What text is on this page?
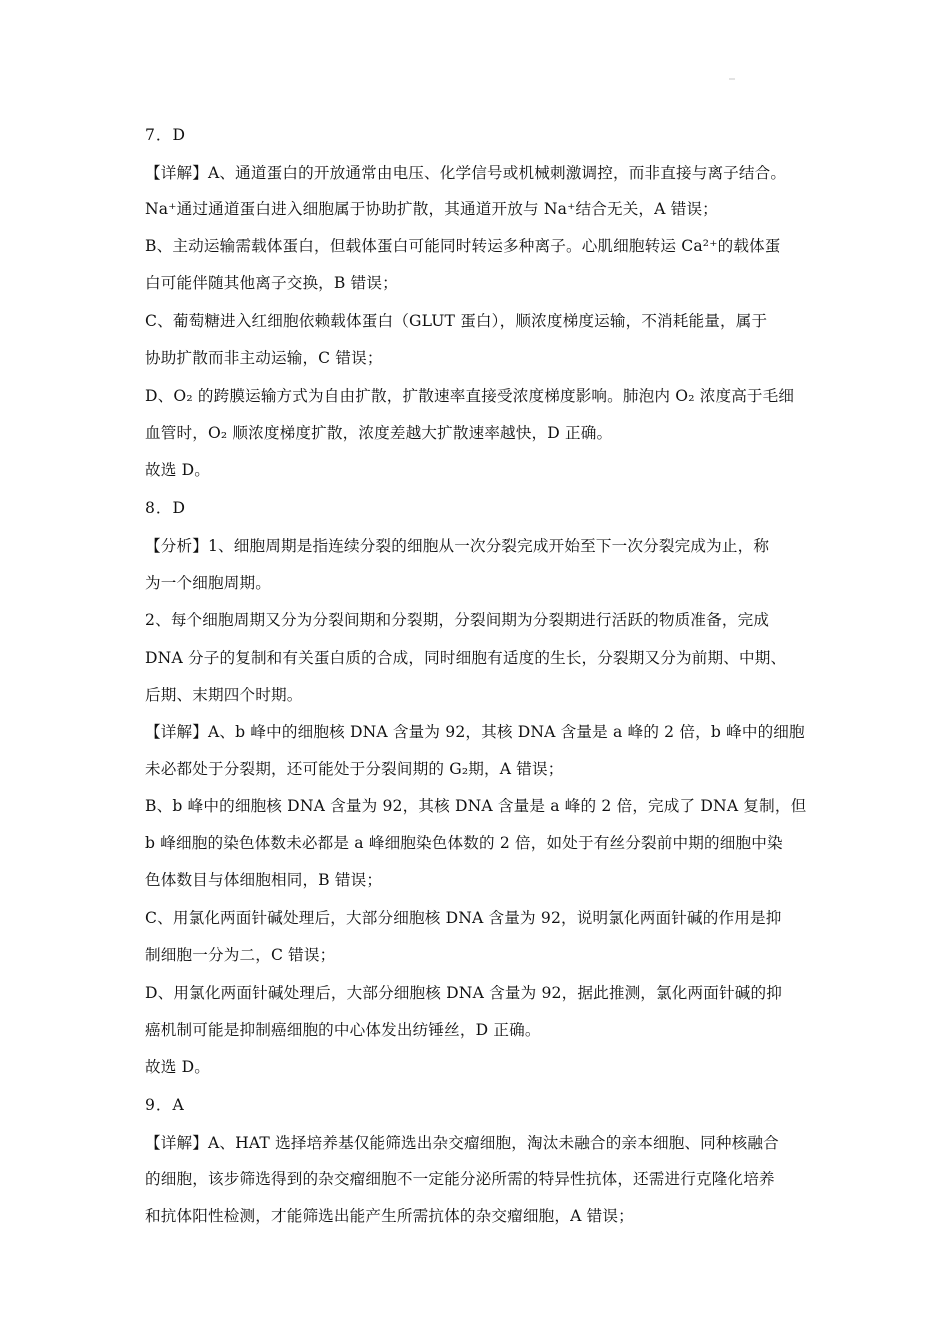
7．D
【详解】A、通道蛋白的开放通常由电压、化学信号或机械刺激调控，而非直接与离子结合。
Na⁺通过通道蛋白进入细胞属于协助扩散，其通道开放与 Na⁺结合无关，A 错误；
B、主动运输需载体蛋白，但载体蛋白可能同时转运多种离子。心肌细胞转运 Ca²⁺的载体蛋
白可能伴随其他离子交换，B 错误；
C、葡萄糖进入红细胞依赖载体蛋白（GLUT 蛋白），顺浓度梯度运输，不消耗能量，属于
协助扩散而非主动运输，C 错误；
D、O₂ 的跨膜运输方式为自由扩散，扩散速率直接受浓度梯度影响。肺泡内 O₂ 浓度高于毛细
血管时，O₂ 顺浓度梯度扩散，浓度差越大扩散速率越快，D 正确。
故选 D。
8．D
【分析】1、细胞周期是指连续分裂的细胞从一次分裂完成开始至下一次分裂完成为止，称
为一个细胞周期。
2、每个细胞周期又分为分裂间期和分裂期，分裂间期为分裂期进行活跃的物质准备，完成
DNA 分子的复制和有关蛋白质的合成，同时细胞有适度的生长，分裂期又分为前期、中期、
后期、末期四个时期。
【详解】A、b 峰中的细胞核 DNA 含量为 92，其核 DNA 含量是 a 峰的 2 倍，b 峰中的细胞
未必都处于分裂期，还可能处于分裂间期的 G₂期，A 错误；
B、b 峰中的细胞核 DNA 含量为 92，其核 DNA 含量是 a 峰的 2 倍，完成了 DNA 复制，但
b 峰细胞的染色体数未必都是 a 峰细胞染色体数的 2 倍，如处于有丝分裂前中期的细胞中染
色体数目与体细胞相同，B 错误；
C、用氯化两面针碱处理后，大部分细胞核 DNA 含量为 92，说明氯化两面针碱的作用是抑
制细胞一分为二，C 错误；
D、用氯化两面针碱处理后，大部分细胞核 DNA 含量为 92，据此推测，氯化两面针碱的抑
癌机制可能是抑制癌细胞的中心体发出纺锤丝，D 正确。
故选 D。
9．A
【详解】A、HAT 选择培养基仅能筛选出杂交瘤细胞，淘汰未融合的亲本细胞、同种核融合
的细胞，该步筛选得到的杂交瘤细胞不一定能分泌所需的特异性抗体，还需进行克隆化培养
和抗体阳性检测，才能筛选出能产生所需抗体的杂交瘤细胞，A 错误；
